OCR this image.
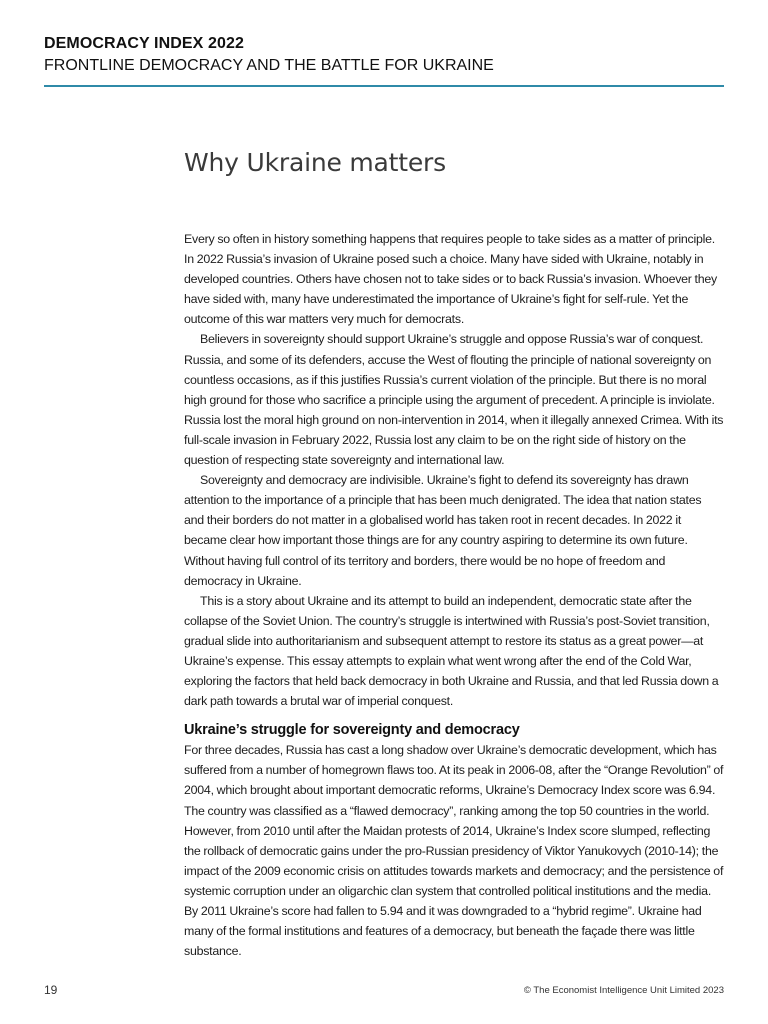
DEMOCRACY INDEX 2022
FRONTLINE DEMOCRACY AND THE BATTLE FOR UKRAINE
Why Ukraine matters

Every so often in history something happens that requires people to take sides as a matter of principle. In 2022 Russia’s invasion of Ukraine posed such a choice. Many have sided with Ukraine, notably in developed countries. Others have chosen not to take sides or to back Russia’s invasion. Whoever they have sided with, many have underestimated the importance of Ukraine’s fight for self-rule. Yet the outcome of this war matters very much for democrats.

Believers in sovereignty should support Ukraine’s struggle and oppose Russia’s war of conquest. Russia, and some of its defenders, accuse the West of flouting the principle of national sovereignty on countless occasions, as if this justifies Russia’s current violation of the principle. But there is no moral high ground for those who sacrifice a principle using the argument of precedent. A principle is inviolate. Russia lost the moral high ground on non-intervention in 2014, when it illegally annexed Crimea. With its full-scale invasion in February 2022, Russia lost any claim to be on the right side of history on the question of respecting state sovereignty and international law.

Sovereignty and democracy are indivisible. Ukraine’s fight to defend its sovereignty has drawn attention to the importance of a principle that has been much denigrated. The idea that nation states and their borders do not matter in a globalised world has taken root in recent decades. In 2022 it became clear how important those things are for any country aspiring to determine its own future. Without having full control of its territory and borders, there would be no hope of freedom and democracy in Ukraine.

This is a story about Ukraine and its attempt to build an independent, democratic state after the collapse of the Soviet Union. The country’s struggle is intertwined with Russia’s post-Soviet transition, gradual slide into authoritarianism and subsequent attempt to restore its status as a great power—at Ukraine’s expense. This essay attempts to explain what went wrong after the end of the Cold War, exploring the factors that held back democracy in both Ukraine and Russia, and that led Russia down a dark path towards a brutal war of imperial conquest.

Ukraine’s struggle for sovereignty and democracy

For three decades, Russia has cast a long shadow over Ukraine’s democratic development, which has suffered from a number of homegrown flaws too. At its peak in 2006-08, after the “Orange Revolution” of 2004, which brought about important democratic reforms, Ukraine’s Democracy Index score was 6.94. The country was classified as a “flawed democracy”, ranking among the top 50 countries in the world. However, from 2010 until after the Maidan protests of 2014, Ukraine’s Index score slumped, reflecting the rollback of democratic gains under the pro-Russian presidency of Viktor Yanukovych (2010-14); the impact of the 2009 economic crisis on attitudes towards markets and democracy; and the persistence of systemic corruption under an oligarchic clan system that controlled political institutions and the media. By 2011 Ukraine’s score had fallen to 5.94 and it was downgraded to a “hybrid regime”. Ukraine had many of the formal institutions and features of a democracy, but beneath the façade there was little substance.

19	© The Economist Intelligence Unit Limited 2023
